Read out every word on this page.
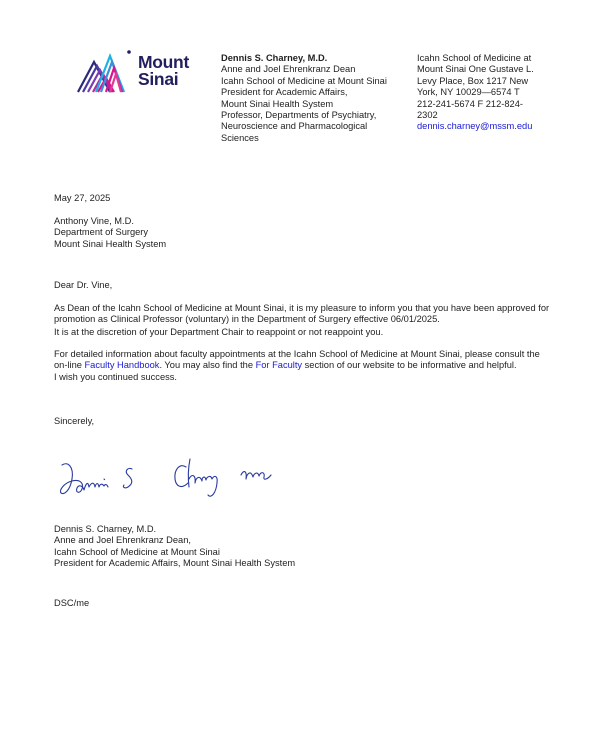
Mount
Sinai
Dennis S. Charney, M.D.
Anne and Joel Ehrenkranz Dean
Icahn School of Medicine at Mount Sinai
President for Academic Affairs,
Mount Sinai Health System
Professor, Departments of Psychiatry,
Neuroscience and Pharmacological
Sciences
Icahn School of Medicine at
Mount Sinai One Gustave L.
Levy Place, Box 1217 New
York, NY 10029—6574 T
212-241-5674 F 212-824-
2302
dennis.charney@mssm.edu
May 27, 2025
Anthony Vine, M.D.
Department of Surgery
Mount Sinai Health System
Dear Dr. Vine,
As Dean of the Icahn School of Medicine at Mount Sinai, it is my pleasure to inform you that you have been approved for promotion as Clinical Professor (voluntary) in the Department of Surgery effective 06/01/2025.
It is at the discretion of your Department Chair to reappoint or not reappoint you.
For detailed information about faculty appointments at the Icahn School of Medicine at Mount Sinai, please consult the on-line Faculty Handbook. You may also find the For Faculty section of our website to be informative and helpful.
I wish you continued success.
Sincerely,
Dennis S. Charney, M.D.
Anne and Joel Ehrenkranz Dean,
Icahn School of Medicine at Mount Sinai
President for Academic Affairs, Mount Sinai Health System
DSC/me
